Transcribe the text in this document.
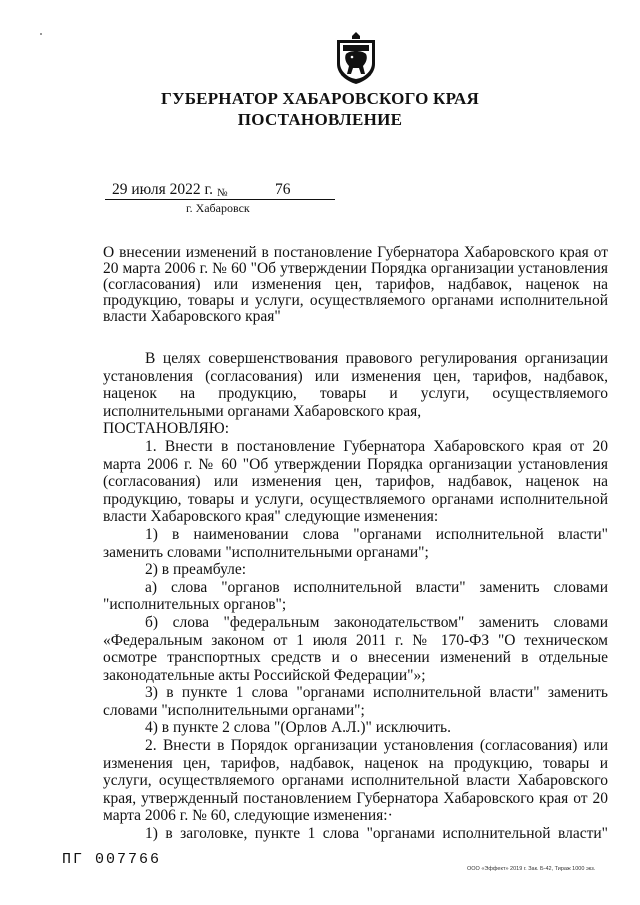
ГУБЕРНАТОР ХАБАРОВСКОГО КРАЯ
ПОСТАНОВЛЕНИЕ
29 июля 2022 г. №	76
г. Хабаровск
О внесении изменений в постановление Губернатора Хабаровского края от 20 марта 2006 г. № 60 "Об утверждении Порядка организации установления (согласования) или изменения цен, тарифов, надбавок, наценок на продукцию, товары и услуги, осуществляемого органами исполнительной власти Хабаровского края"

В целях совершенствования правового регулирования организации установления (согласования) или изменения цен, тарифов, надбавок, наценок на продукцию, товары и услуги, осуществляемого исполнительными органами Хабаровского края,

ПОСТАНОВЛЯЮ:

1. Внести в постановление Губернатора Хабаровского края от 20 марта 2006 г. № 60 "Об утверждении Порядка организации установления (согласования) или изменения цен, тарифов, надбавок, наценок на продукцию, товары и услуги, осуществляемого органами исполнительной власти Хабаровского края" следующие изменения:

1) в наименовании слова "органами исполнительной власти" заменить словами "исполнительными органами";

2) в преамбуле:

а) слова "органов исполнительной власти" заменить словами "исполнительных органов";

б) слова "федеральным законодательством" заменить словами «Федеральным законом от 1 июля 2011 г. № 170-ФЗ "О техническом осмотре транспортных средств и о внесении изменений в отдельные законодательные акты Российской Федерации"»;

3) в пункте 1 слова "органами исполнительной власти" заменить словами "исполнительными органами";

4) в пункте 2 слова "(Орлов А.Л.)" исключить.

2. Внести в Порядок организации установления (согласования) или изменения цен, тарифов, надбавок, наценок на продукцию, товары и услуги, осуществляемого органами исполнительной власти Хабаровского края, утвержденный постановлением Губернатора Хабаровского края от 20 марта 2006 г. № 60, следующие изменения:·

1) в заголовке, пункте 1 слова "органами исполнительной власти"

ПГ 007766
ООО «Эффект» 2019 г. Зак. Б-42, Тираж 1000 экз.
